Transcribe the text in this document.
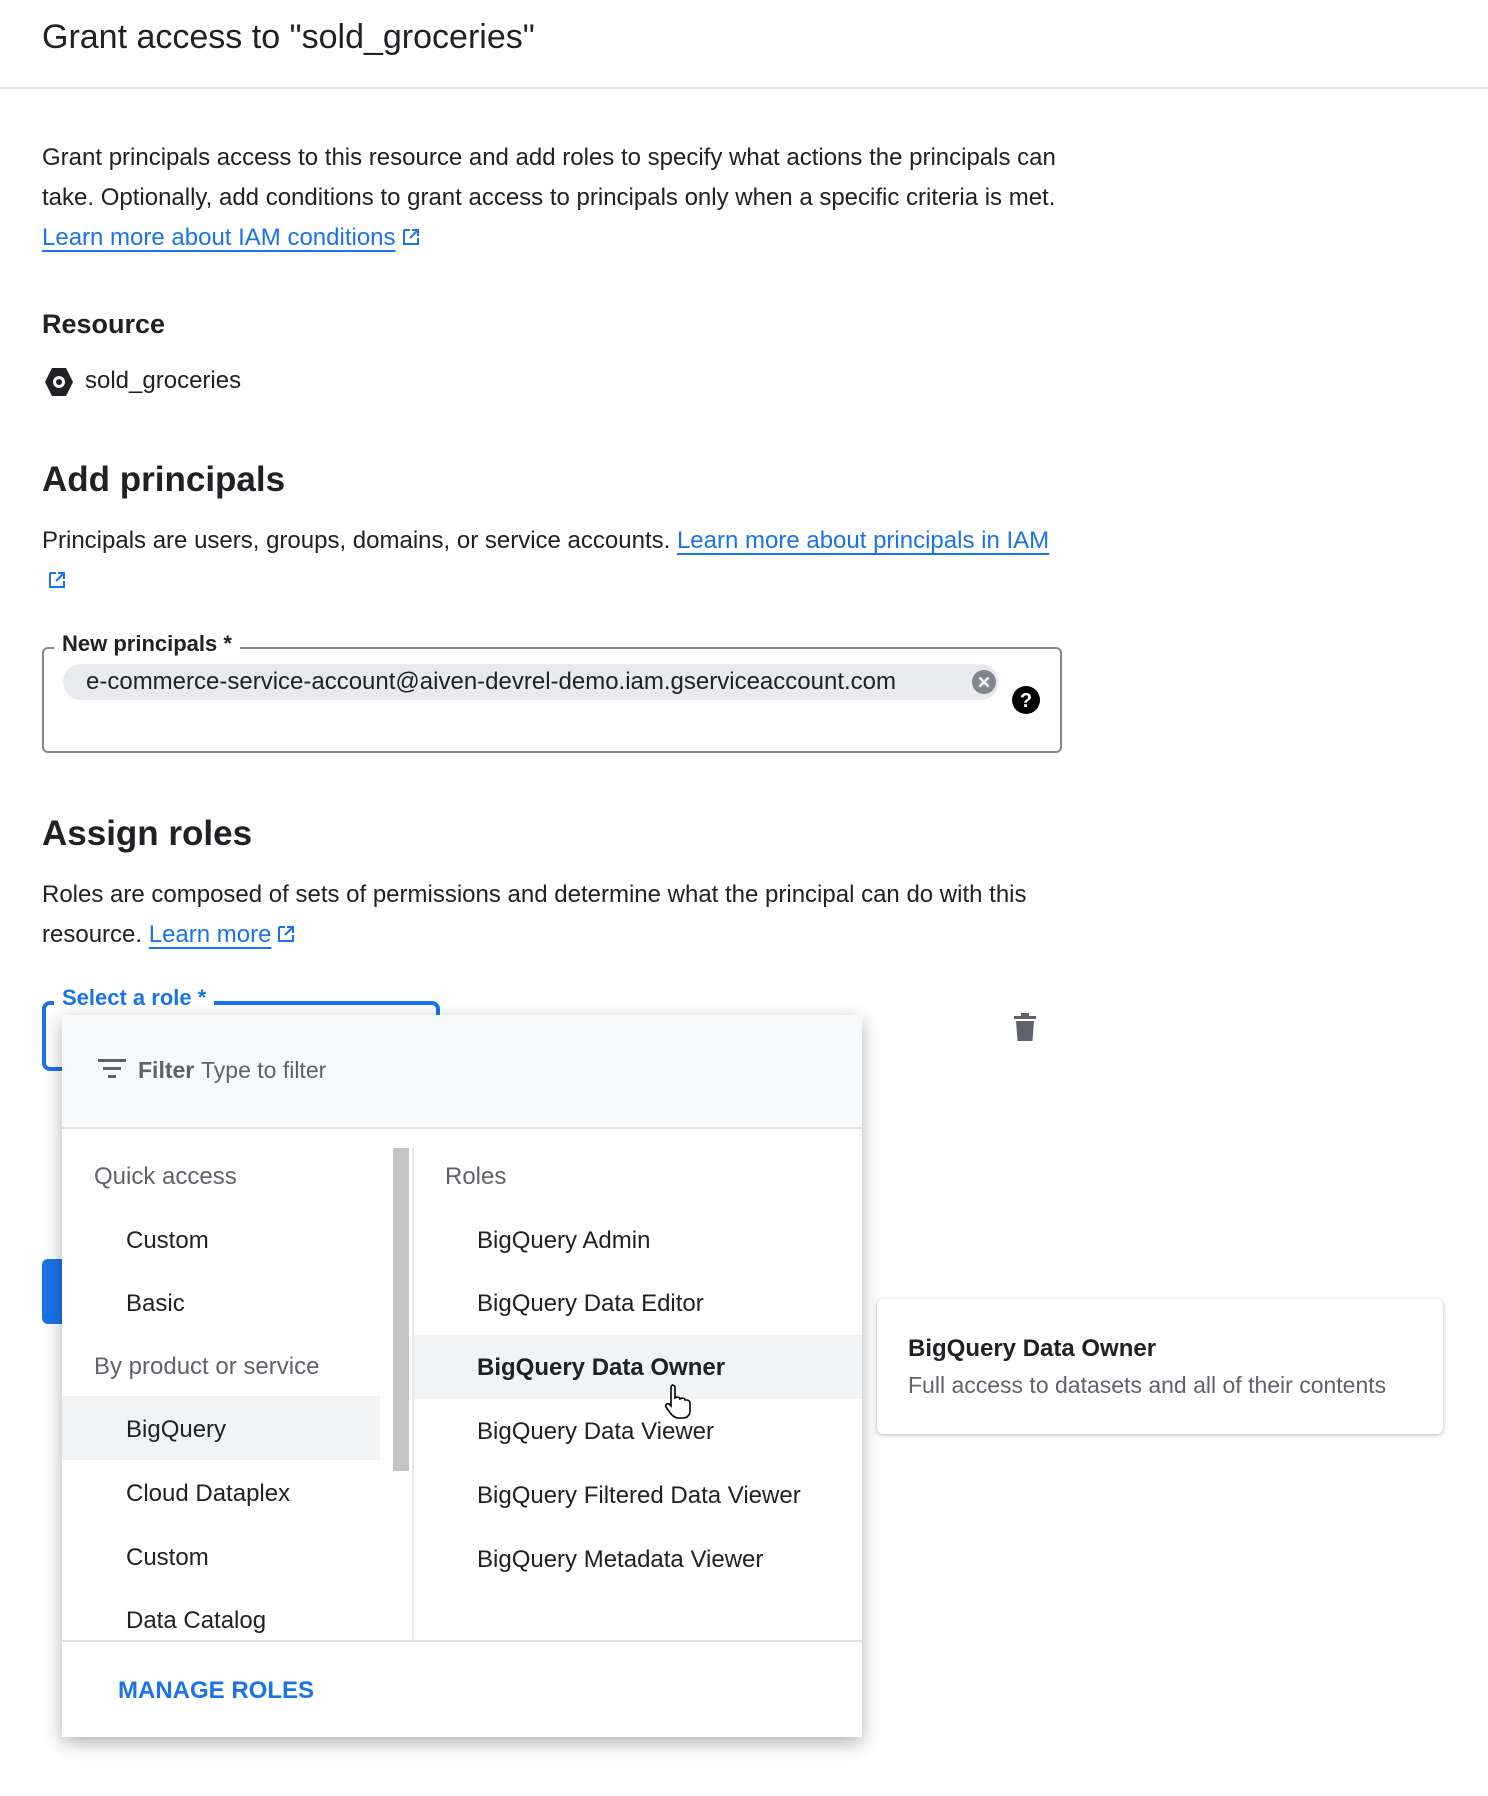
Grant access to "sold_groceries"
Grant principals access to this resource and add roles to specify what actions the principals can take. Optionally, add conditions to grant access to principals only when a specific criteria is met. Learn more about IAM conditions
Resource
sold_groceries
Add principals
Principals are users, groups, domains, or service accounts. Learn more about principals in IAM
New principals *
e-commerce-service-account@aiven-devrel-demo.iam.gserviceaccount.com
?
Assign roles
Roles are composed of sets of permissions and determine what the principal can do with this resource. Learn more
Select a role *
Filter Type to filter
Quick access
Custom
Basic
By product or service
BigQuery
Cloud Dataplex
Custom
Data Catalog
Roles
BigQuery Admin
BigQuery Data Editor
BigQuery Data Owner
BigQuery Data Viewer
BigQuery Filtered Data Viewer
BigQuery Metadata Viewer
MANAGE ROLES
BigQuery Data Owner
Full access to datasets and all of their contents
